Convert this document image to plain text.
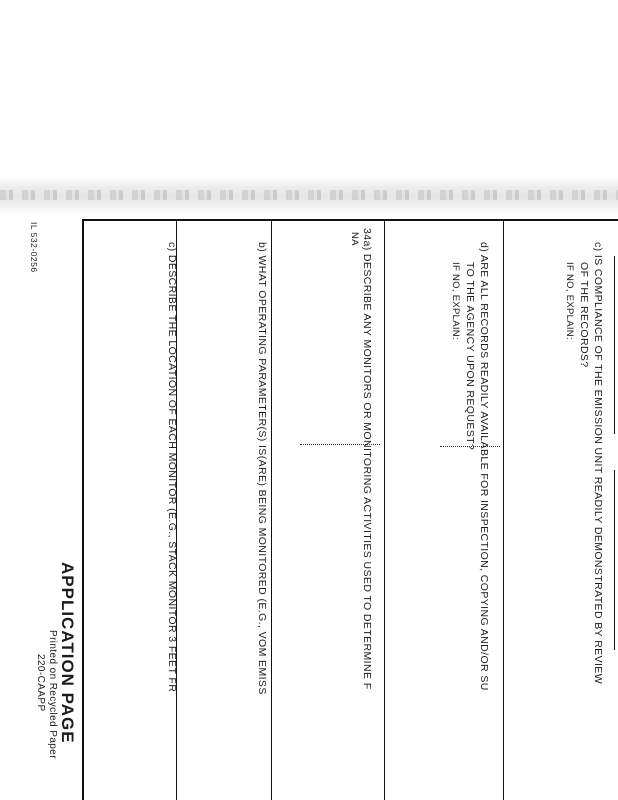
c) IS COMPLIANCE OF THE EMISSION UNIT READILY DEMONSTRATED BY REVIEW
OF THE RECORDS?
IF NO, EXPLAIN:
d) ARE ALL RECORDS READILY AVAILABLE FOR INSPECTION, COPYING AND/OR SU
TO THE AGENCY UPON REQUEST?
IF NO, EXPLAIN:
34a) DESCRIBE ANY MONITORS OR MONITORING ACTIVITIES USED TO DETERMINE F
NA
b) WHAT OPERATING PARAMETER(S) IS(ARE) BEING MONITORED (E.G., VOM EMISS
c) DESCRIBE THE LOCATION OF EACH MONITOR (E.G., STACK MONITOR 3 FEET FR
APPLICATION PAGE
Printed on Recycled Paper
220-CAAPP
IL 532-0256
